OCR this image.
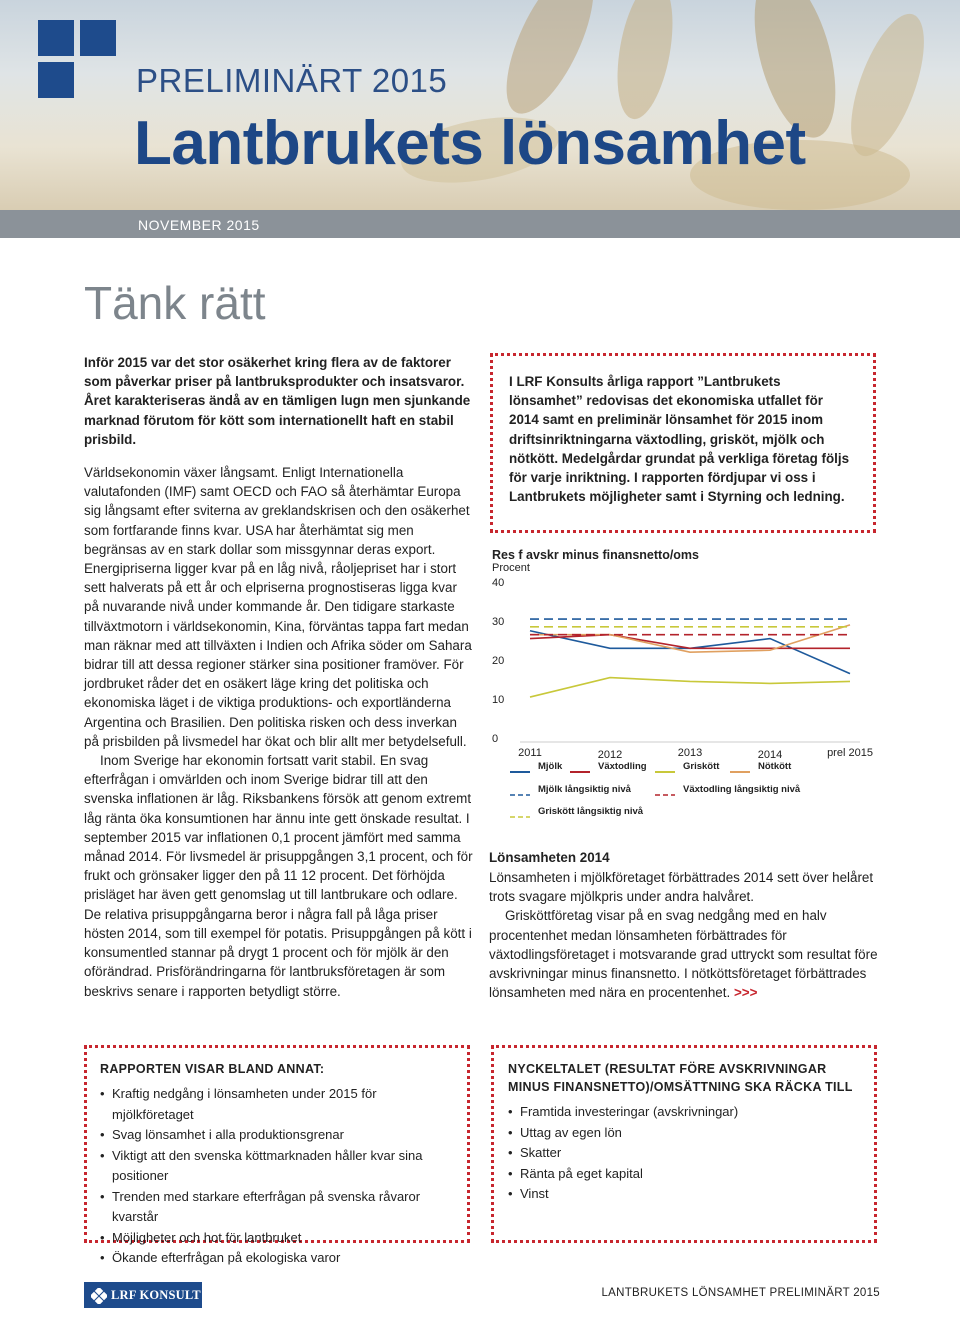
PRELIMINÄRT 2015
Lantbrukets lönsamhet
NOVEMBER 2015
Tänk rätt

Inför 2015 var det stor osäkerhet kring flera av de faktorer som påverkar priser på lantbruksprodukter och insatsvaror. Året karakteriseras ändå av en tämligen lugn men sjunkande marknad förutom för kött som internationellt haft en stabil prisbild.

Världsekonomin växer långsamt. Enligt Internationella valutafonden (IMF) samt OECD och FAO så återhämtar Europa sig långsamt efter sviterna av greklandskrisen och den osäkerhet som fortfarande finns kvar. USA har återhämtat sig men begränsas av en stark dollar som missgynnar deras export. Energipriserna ligger kvar på en låg nivå, råoljepriset har i stort sett halverats på ett år och elpriserna prognostiseras ligga kvar på nuvarande nivå under kommande år. Den tidigare starkaste tillväxtmotorn i världsekonomin, Kina, förväntas tappa fart medan man räknar med att tillväxten i Indien och Afrika söder om Sahara bidrar till att dessa regioner stärker sina positioner framöver. För jordbruket råder det en osäkert läge kring det politiska och ekonomiska läget i de viktiga produktions- och exportländerna Argentina och Brasilien. Den politiska risken och dess inverkan på prisbilden på livsmedel har ökat och blir allt mer betydelsefull.

Inom Sverige har ekonomin fortsatt varit stabil. En svag efterfrågan i omvärlden och inom Sverige bidrar till att den svenska inflationen är låg. Riksbankens försök att genom extremt låg ränta öka konsumtionen har ännu inte gett önskade resultat. I september 2015 var inflationen 0,1 procent jämfört med samma månad 2014. För livsmedel är prisuppgången 3,1 procent, och för frukt och grönsaker ligger den på 11 12 procent. Det förhöjda prisläget har även gett genomslag ut till lantbrukare och odlare. De relativa prisuppgångarna beror i några fall på låga priser hösten 2014, som till exempel för potatis. Prisuppgången på kött i konsumentled stannar på drygt 1 procent och för mjölk är den oförändrad. Prisförändringarna för lantbruksföretagen är som beskrivs senare i rapporten betydligt större.

I LRF Konsults årliga rapport ”Lantbrukets lönsamhet” redovisas det ekonomiska utfallet för 2014 samt en preliminär lönsamhet för 2015 inom driftsinriktningarna växtodling, grisköt, mjölk och nötkött. Medelgårdar grundat på verkliga företag följs för varje inriktning. I rapporten fördjupar vi oss i Lantbrukets möjligheter samt i Styrning och ledning.
Res f avskr minus finansnetto/oms
Procent
0
10
20
30
40
2011	2012	2013	2014	prel 2015
Mjölk	Växtodling	Griskött	Nötkött
Mjölk långsiktig nivå	Växtodling långsiktig nivå
Griskött långsiktig nivå
Lönsamheten 2014

Lönsamheten i mjölkföretaget förbättrades 2014 sett över helåret trots svagare mjölkpris under andra halvåret.

Grisköttföretag visar på en svag nedgång med en halv procentenhet medan lönsamheten förbättrades för växtodlingsföretaget i motsvarande grad uttryckt som resultat före avskrivningar minus finansnetto. I nötköttsföretaget förbättrades lönsamheten med nära en procentenhet. >>>

RAPPORTEN VISAR BLAND ANNAT:
• Kraftig nedgång i lönsamheten under 2015 för mjölkföretaget
• Svag lönsamhet i alla produktionsgrenar
• Viktigt att den svenska köttmarknaden håller kvar sina positioner
• Trenden med starkare efterfrågan på svenska råvaror kvarstår
• Möjligheter och hot för lantbruket
• Ökande efterfrågan på ekologiska varor
NYCKELTALET (RESULTAT FÖRE AVSKRIVNINGAR MINUS FINANSNETTO)/OMSÄTTNING SKA RÄCKA TILL
• Framtida investeringar (avskrivningar)
• Uttag av egen lön
• Skatter
• Ränta på eget kapital
• Vinst
LRF KONSULT	LANTBRUKETS LÖNSAMHET PRELIMINÄRT 2015
